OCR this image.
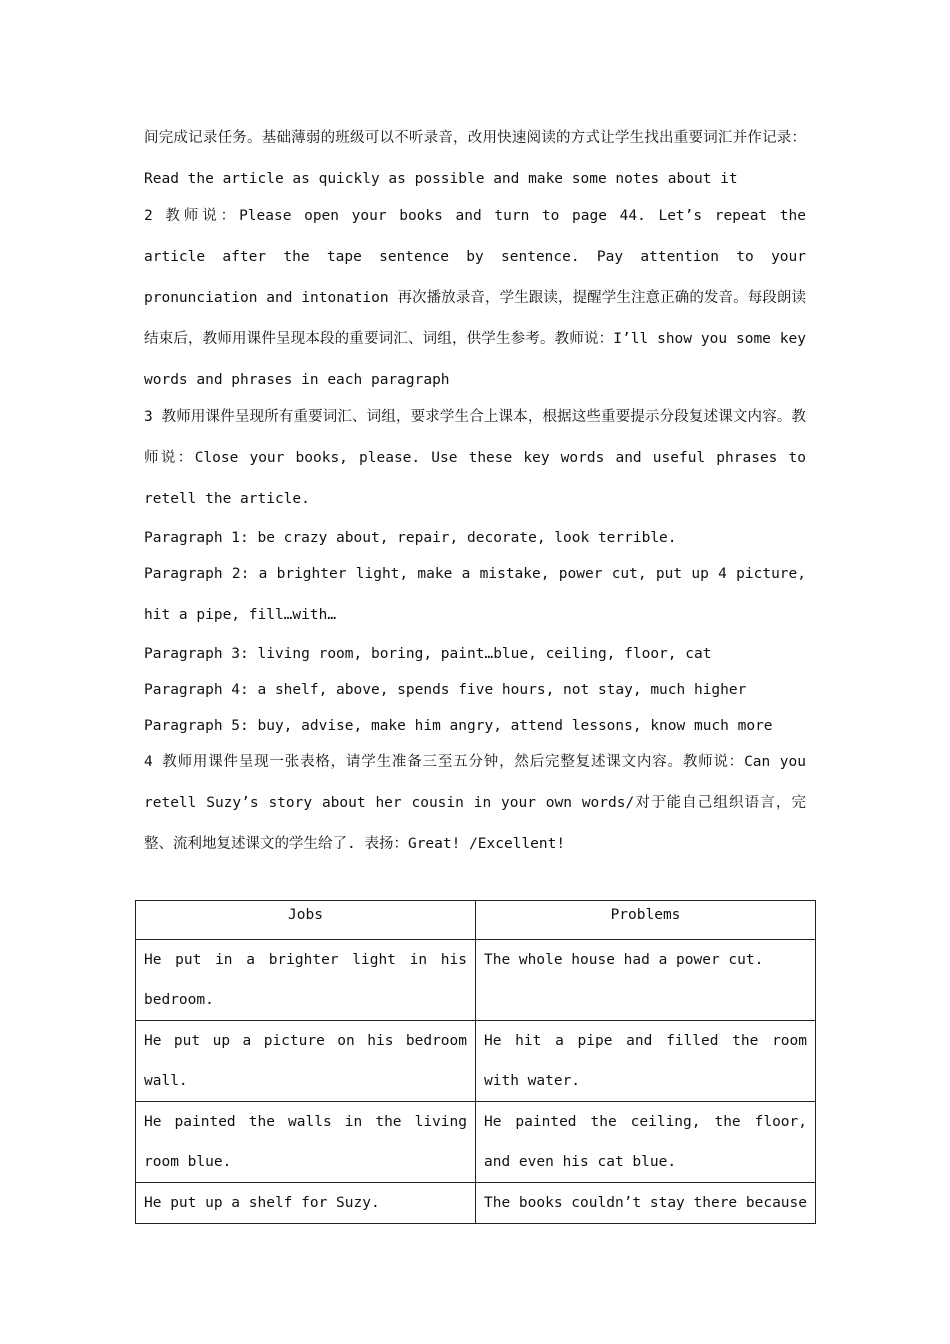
间完成记录任务。基础薄弱的班级可以不听录音，改用快速阅读的方式让学生找出重要词汇并作记录：Read the article as quickly as possible and make some notes about it

2 教师说：Please open your books and turn to page 44. Let’s repeat the article after the tape sentence by sentence. Pay attention to your pronunciation and intonation 再次播放录音，学生跟读，提醒学生注意正确的发音。每段朗读结束后，教师用课件呈现本段的重要词汇、词组，供学生参考。教师说：I’ll show you some key words and phrases in each paragraph

3 教师用课件呈现所有重要词汇、词组，要求学生合上课本，根据这些重要提示分段复述课文内容。教师说：Close your books, please. Use these key words and useful phrases to retell the article.

Paragraph 1: be crazy about, repair, decorate, look terrible.

Paragraph 2: a brighter light, make a mistake, power cut, put up 4 picture, hit a pipe, fill…with…

Paragraph 3: living room, boring, paint…blue, ceiling, floor, cat

Paragraph 4: a shelf, above, spends five hours, not stay, much higher

Paragraph 5: buy, advise, make him angry, attend lessons, know much more

4 教师用课件呈现一张表格，请学生准备三至五分钟，然后完整复述课文内容。教师说：Can you retell Suzy’s story about her cousin in your own words/对于能自己组织语言，完整、流利地复述课文的学生给了. 表扬：Great! /Excellent!

Jobs	Problems
He put in a brighter light in his bedroom.	The whole house had a power cut.
He put up a picture on his bedroom wall.	He hit a pipe and filled the room with water.
He painted the walls in the living room blue.	He painted the ceiling, the floor, and even his cat blue.
He put up a shelf for Suzy.	The books couldn’t stay there because
